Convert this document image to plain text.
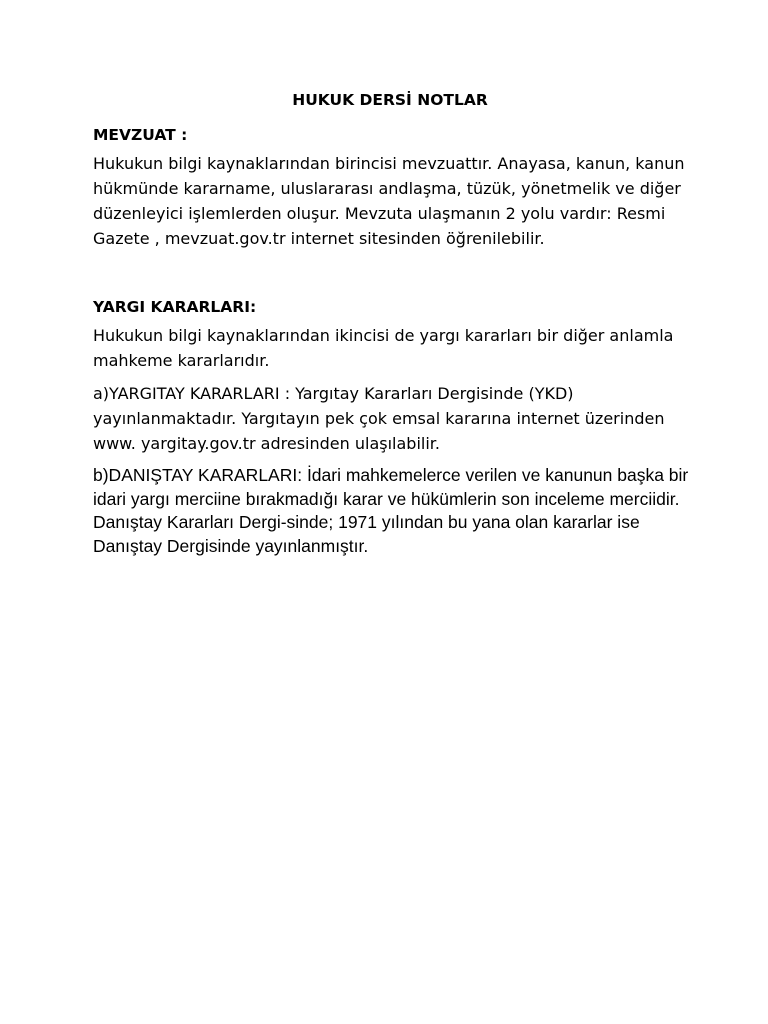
HUKUK DERSİ NOTLAR
MEVZUAT :

Hukukun bilgi kaynaklarından birincisi mevzuattır. Anayasa, kanun, kanun hükmünde kararname, uluslararası andlaşma, tüzük, yönetmelik ve diğer düzenleyici işlemlerden oluşur. Mevzuta ulaşmanın 2 yolu vardır: Resmi Gazete , mevzuat.gov.tr internet sitesinden öğrenilebilir.

YARGI KARARLARI:

Hukukun bilgi kaynaklarından ikincisi de yargı kararları bir diğer anlamla mahkeme kararlarıdır.

a)YARGITAY KARARLARI : Yargıtay Kararları Dergisinde (YKD) yayınlanmaktadır. Yargıtayın pek çok emsal kararına internet üzerinden www. yargitay.gov.tr adresinden ulaşılabilir.

b)DANIŞTAY KARARLARI: İdari mahkemelerce verilen ve kanunun başka bir idari yargı merciine bırakmadığı karar ve hükümlerin son inceleme merciidir. Danıştay Kararları Dergi-sinde; 1971 yılından bu yana olan kararlar ise Danıştay Dergisinde yayınlanmıştır.
